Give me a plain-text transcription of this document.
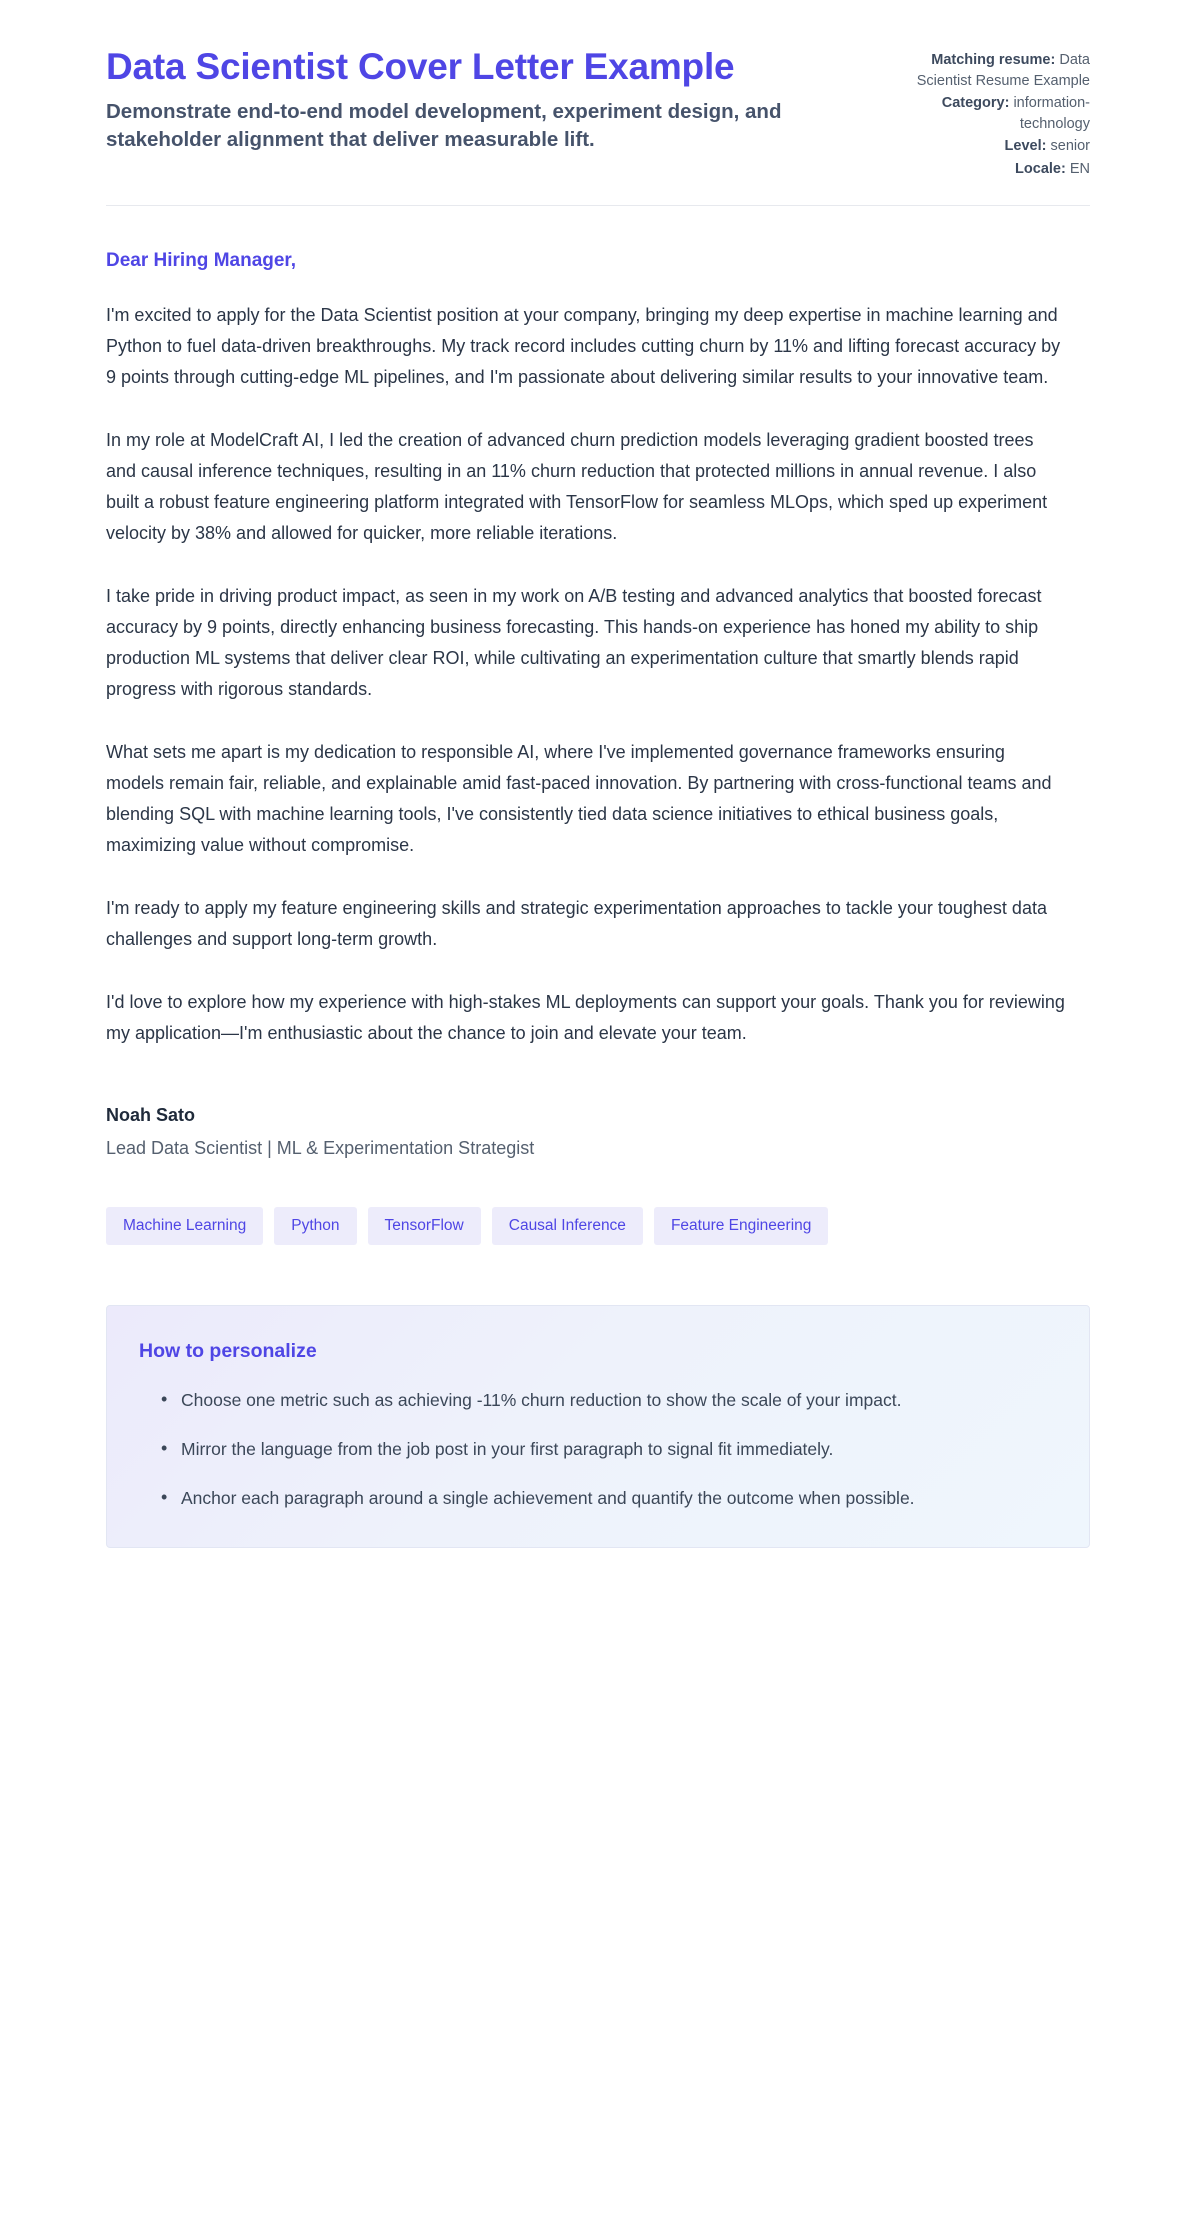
Data Scientist Cover Letter Example

Demonstrate end-to-end model development, experiment design, and stakeholder alignment that deliver measurable lift.

Matching resume: Data Scientist Resume Example
Category: information-technology
Level: senior
Locale: EN

Dear Hiring Manager,

I'm excited to apply for the Data Scientist position at your company, bringing my deep expertise in machine learning and Python to fuel data-driven breakthroughs. My track record includes cutting churn by 11% and lifting forecast accuracy by 9 points through cutting-edge ML pipelines, and I'm passionate about delivering similar results to your innovative team.

In my role at ModelCraft AI, I led the creation of advanced churn prediction models leveraging gradient boosted trees and causal inference techniques, resulting in an 11% churn reduction that protected millions in annual revenue. I also built a robust feature engineering platform integrated with TensorFlow for seamless MLOps, which sped up experiment velocity by 38% and allowed for quicker, more reliable iterations.

I take pride in driving product impact, as seen in my work on A/B testing and advanced analytics that boosted forecast accuracy by 9 points, directly enhancing business forecasting. This hands-on experience has honed my ability to ship production ML systems that deliver clear ROI, while cultivating an experimentation culture that smartly blends rapid progress with rigorous standards.

What sets me apart is my dedication to responsible AI, where I've implemented governance frameworks ensuring models remain fair, reliable, and explainable amid fast-paced innovation. By partnering with cross-functional teams and blending SQL with machine learning tools, I've consistently tied data science initiatives to ethical business goals, maximizing value without compromise.

I'm ready to apply my feature engineering skills and strategic experimentation approaches to tackle your toughest data challenges and support long-term growth.

I'd love to explore how my experience with high-stakes ML deployments can support your goals. Thank you for reviewing my application—I'm enthusiastic about the chance to join and elevate your team.

Noah Sato

Lead Data Scientist | ML & Experimentation Strategist

Machine Learning	Python	TensorFlow	Causal Inference	Feature Engineering

How to personalize

• Choose one metric such as achieving -11% churn reduction to show the scale of your impact.
• Mirror the language from the job post in your first paragraph to signal fit immediately.
• Anchor each paragraph around a single achievement and quantify the outcome when possible.
